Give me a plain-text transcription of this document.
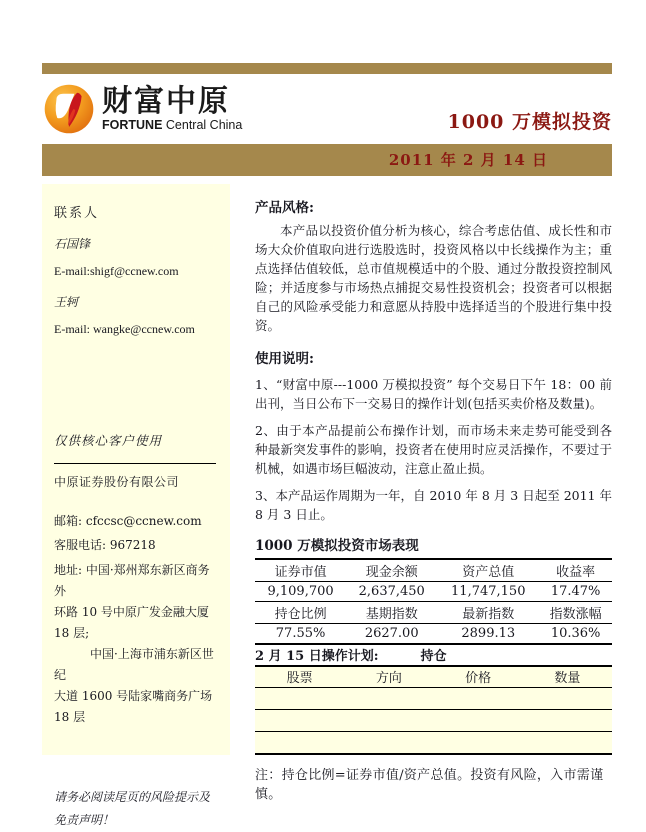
财富中原
FORTUNE Central China	1000 万模拟投资
2011 年 2 月 14 日
联系人
石国锋
E-mail:shigf@ccnew.com
王轲
E-mail: wangke@ccnew.com
仅供核心客户使用
中原证券股份有限公司
邮箱: cfccsc@ccnew.com
客服电话: 967218
地址: 中国·郑州郑东新区商务外
环路 10 号中原广发金融大厦 18 层;
　　　中国·上海市浦东新区世纪
大道 1600 号陆家嘴商务广场 18 层
请务必阅读尾页的风险提示及免责声明！
产品风格:

本产品以投资价值分析为核心，综合考虑估值、成长性和市场大众价值取向进行选股选时，投资风格以中长线操作为主；重点选择估值较低，总市值规模适中的个股、通过分散投资控制风险；并适度参与市场热点捕捉交易性投资机会；投资者可以根据自己的风险承受能力和意愿从持股中选择适当的个股进行集中投资。

使用说明:

1、“财富中原---1000 万模拟投资” 每个交易日下午 18：00 前出刊，当日公布下一交易日的操作计划(包括买卖价格及数量)。

2、由于本产品提前公布操作计划，而市场未来走势可能受到各种最新突发事件的影响，投资者在使用时应灵活操作，不要过于机械，如遇市场巨幅波动，注意止盈止损。

3、本产品运作周期为一年，自 2010 年 8 月 3 日起至 2011 年 8 月 3 日止。

1000 万模拟投资市场表现
证券市值	现金余额	资产总值	收益率
9,109,700	2,637,450	11,747,150	17.47%
持仓比例	基期指数	最新指数	指数涨幅
77.55%	2627.00	2899.13	10.36%
2 月 15 日操作计划:	持仓
股票	方向	价格	数量

注：持仓比例=证券市值/资产总值。投资有风险，入市需谨慎。
